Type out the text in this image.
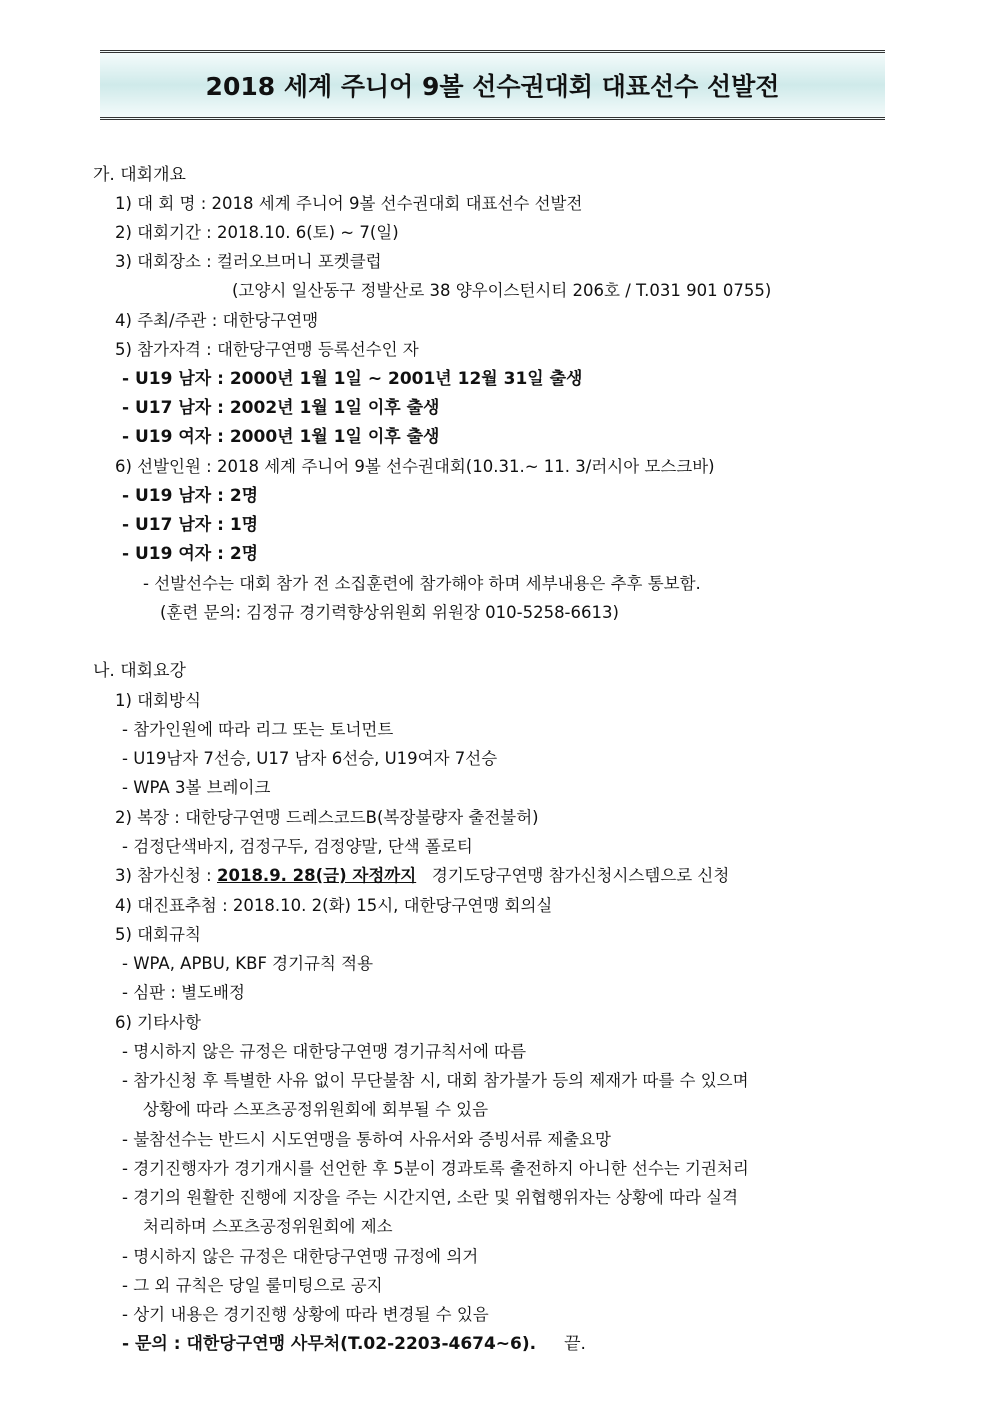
2018 세계 주니어 9볼 선수권대회 대표선수 선발전
가. 대회개요
1) 대 회 명 : 2018 세계 주니어 9볼 선수권대회 대표선수 선발전
2) 대회기간 : 2018.10. 6(토) ~ 7(일)
3) 대회장소 : 컬러오브머니 포켓클럽
(고양시 일산동구 정발산로 38 양우이스턴시티 206호 / T.031 901 0755)
4) 주최/주관 : 대한당구연맹
5) 참가자격 : 대한당구연맹 등록선수인 자
- U19 남자 : 2000년 1월 1일 ~ 2001년 12월 31일 출생
- U17 남자 : 2002년 1월 1일 이후 출생
- U19 여자 : 2000년 1월 1일 이후 출생
6) 선발인원 : 2018 세계 주니어 9볼 선수권대회(10.31.~ 11. 3/러시아 모스크바)
- U19 남자 : 2명
- U17 남자 : 1명
- U19 여자 : 2명
- 선발선수는 대회 참가 전 소집훈련에 참가해야 하며 세부내용은 추후 통보함.
(훈련 문의: 김정규 경기력향상위원회 위원장 010-5258-6613)
나. 대회요강
1) 대회방식
- 참가인원에 따라 리그 또는 토너먼트
- U19남자 7선승, U17 남자 6선승, U19여자 7선승
- WPA 3볼 브레이크
2) 복장 : 대한당구연맹 드레스코드B(복장불량자 출전불허)
- 검정단색바지, 검정구두, 검정양말, 단색 폴로티
3) 참가신청 : 2018.9. 28(금) 자정까지 경기도당구연맹 참가신청시스템으로 신청
4) 대진표추첨 : 2018.10. 2(화) 15시, 대한당구연맹 회의실
5) 대회규칙
- WPA, APBU, KBF 경기규칙 적용
- 심판 : 별도배정
6) 기타사항
- 명시하지 않은 규정은 대한당구연맹 경기규칙서에 따름
- 참가신청 후 특별한 사유 없이 무단불참 시, 대회 참가불가 등의 제재가 따를 수 있으며
상황에 따라 스포츠공정위원회에 회부될 수 있음
- 불참선수는 반드시 시도연맹을 통하여 사유서와 증빙서류 제출요망
- 경기진행자가 경기개시를 선언한 후 5분이 경과토록 출전하지 아니한 선수는 기권처리
- 경기의 원활한 진행에 지장을 주는 시간지연, 소란 및 위협행위자는 상황에 따라 실격
처리하며 스포츠공정위원회에 제소
- 명시하지 않은 규정은 대한당구연맹 규정에 의거
- 그 외 규칙은 당일 룰미팅으로 공지
- 상기 내용은 경기진행 상황에 따라 변경될 수 있음
- 문의 : 대한당구연맹 사무처(T.02-2203-4674~6). 끝.
